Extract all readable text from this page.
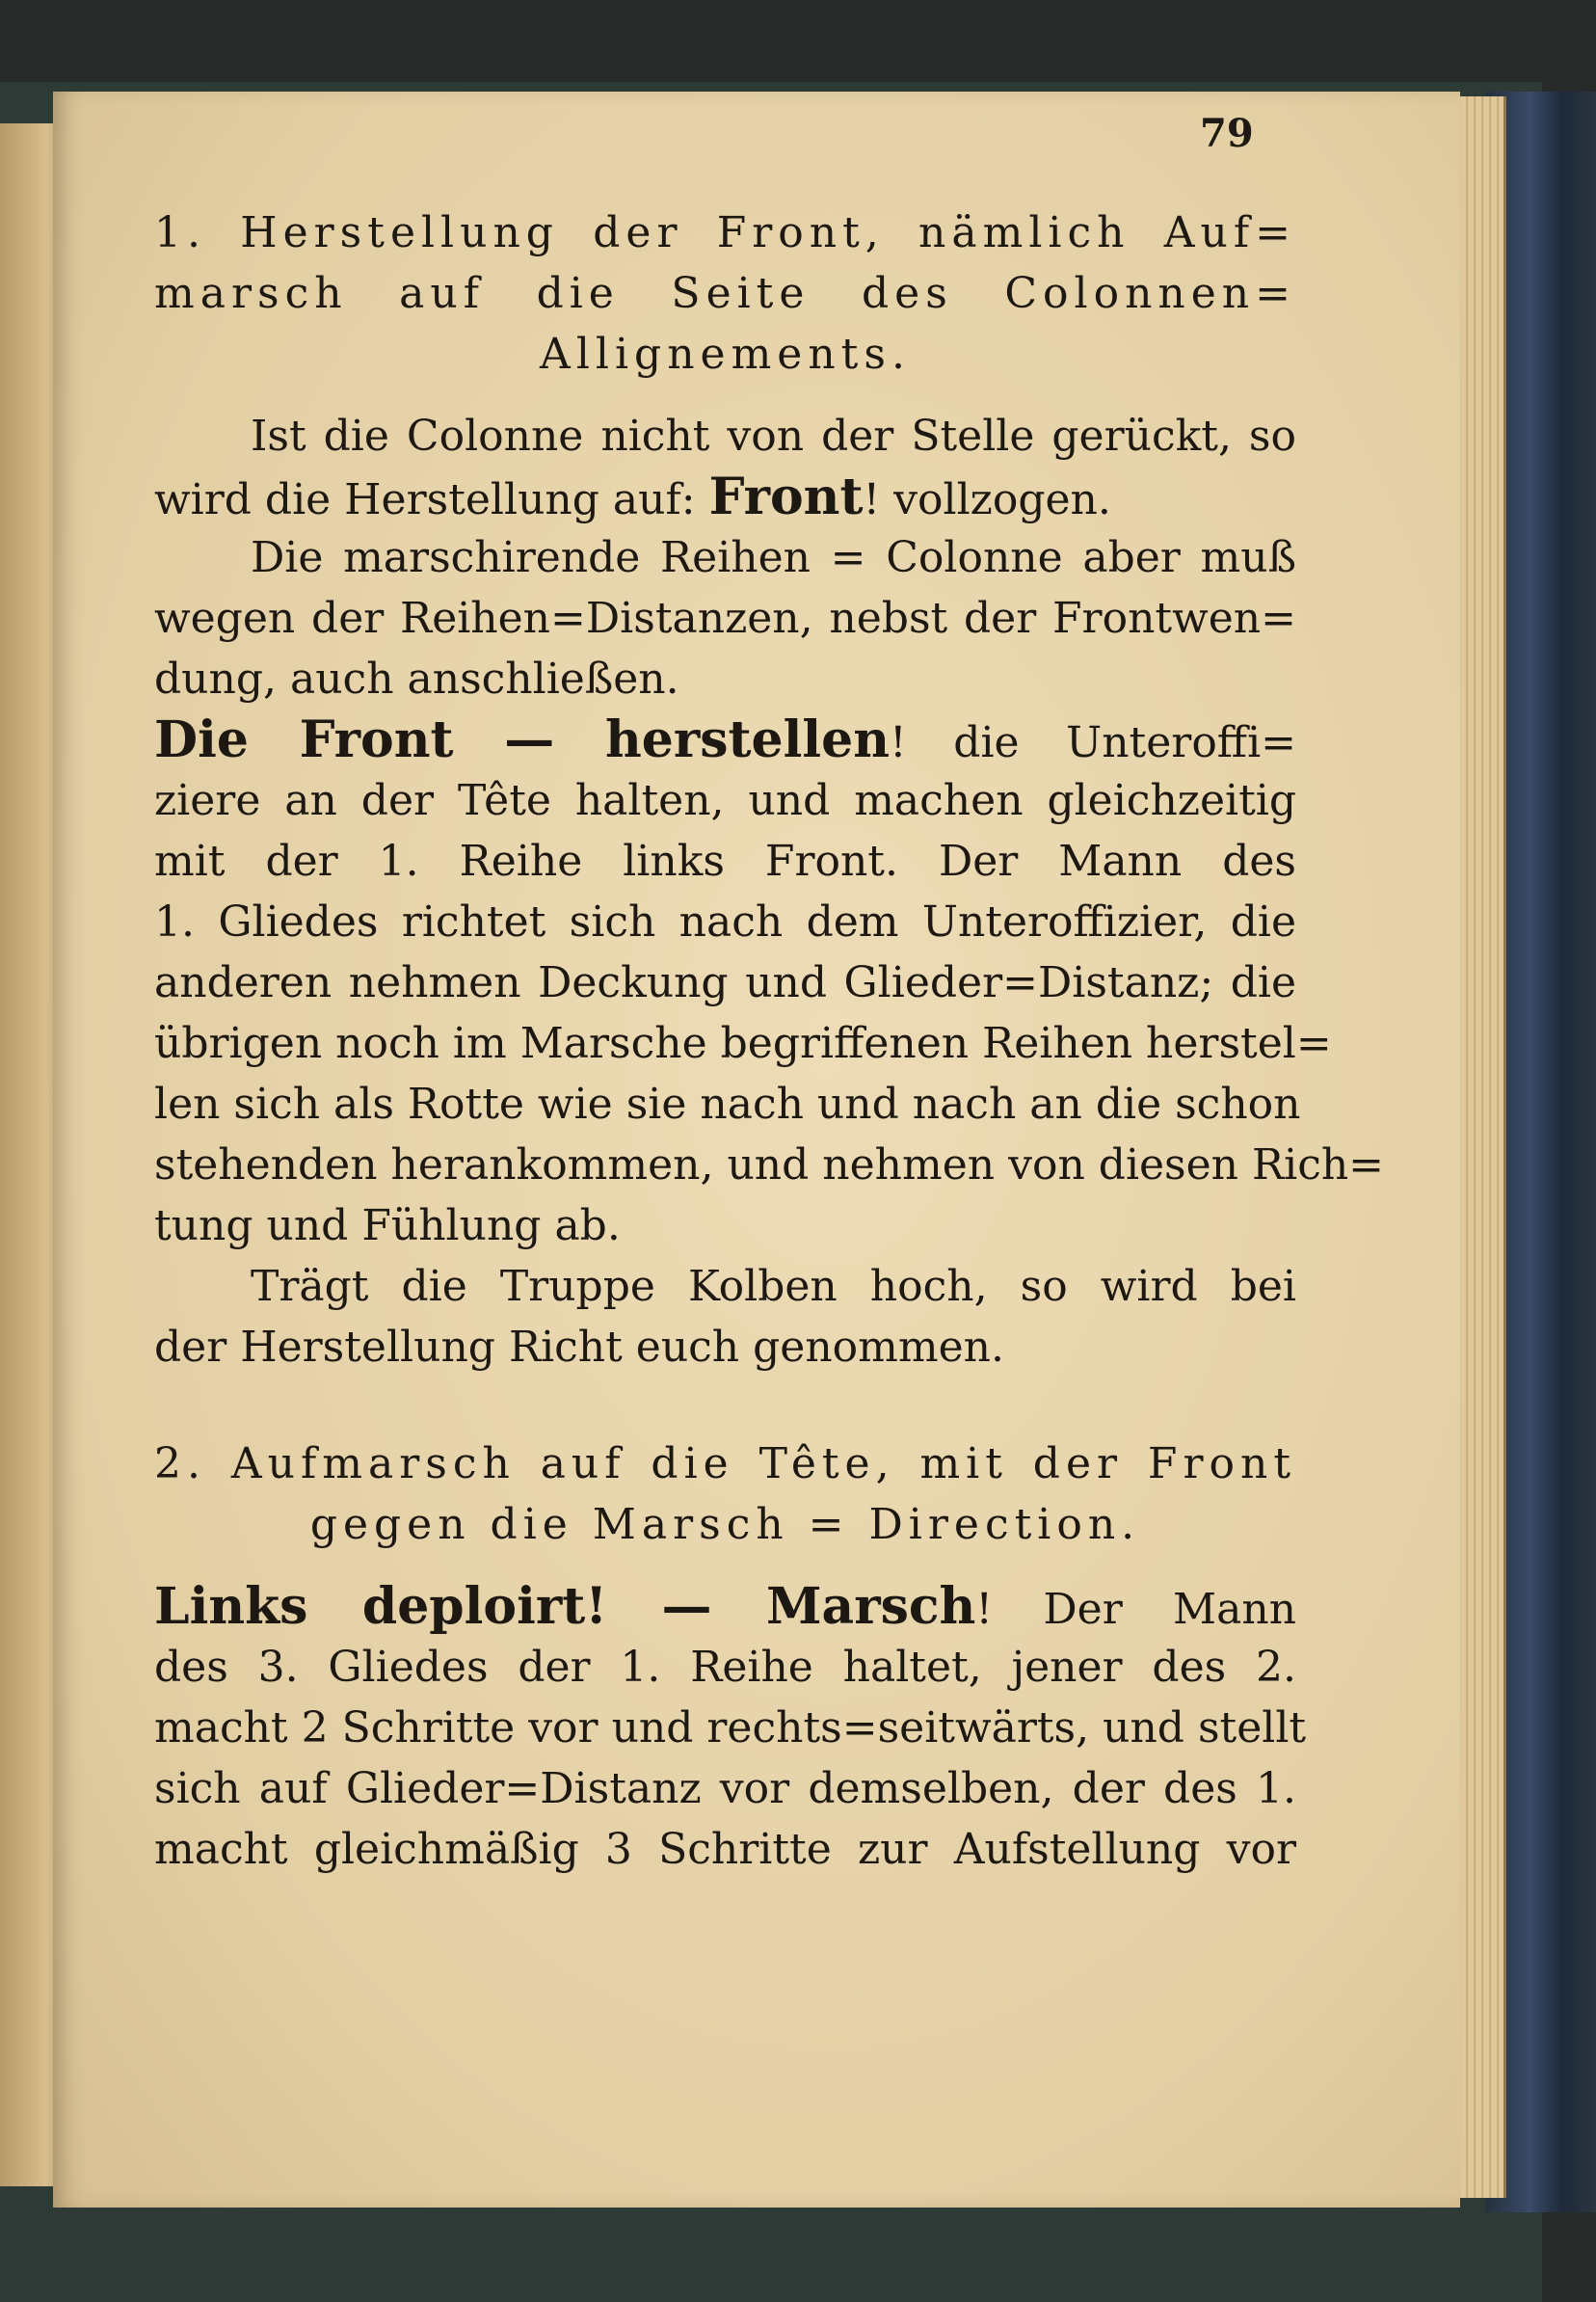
79
1. Herstellung der Front, nämlich Auf=
marsch auf die Seite des Colonnen=
Allignements.
Ist die Colonne nicht von der Stelle gerückt, so
wird die Herstellung auf: Front! vollzogen.
Die marschirende Reihen = Colonne aber muß
wegen der Reihen=Distanzen, nebst der Frontwen=
dung, auch anschließen.
Die Front — herstellen! die Unteroffi=
ziere an der Tête halten, und machen gleichzeitig
mit der 1. Reihe links Front. Der Mann des
1. Gliedes richtet sich nach dem Unteroffizier, die
anderen nehmen Deckung und Glieder=Distanz; die
übrigen noch im Marsche begriffenen Reihen herstel=
len sich als Rotte wie sie nach und nach an die schon
stehenden herankommen, und nehmen von diesen Rich=
tung und Fühlung ab.
Trägt die Truppe Kolben hoch, so wird bei
der Herstellung Richt euch genommen.
2. Aufmarsch auf die Tête, mit der Front
gegen die Marsch = Direction.
Links deploirt! — Marsch! Der Mann
des 3. Gliedes der 1. Reihe haltet, jener des 2.
macht 2 Schritte vor und rechts=seitwärts, und stellt
sich auf Glieder=Distanz vor demselben, der des 1.
macht gleichmäßig 3 Schritte zur Aufstellung vor
